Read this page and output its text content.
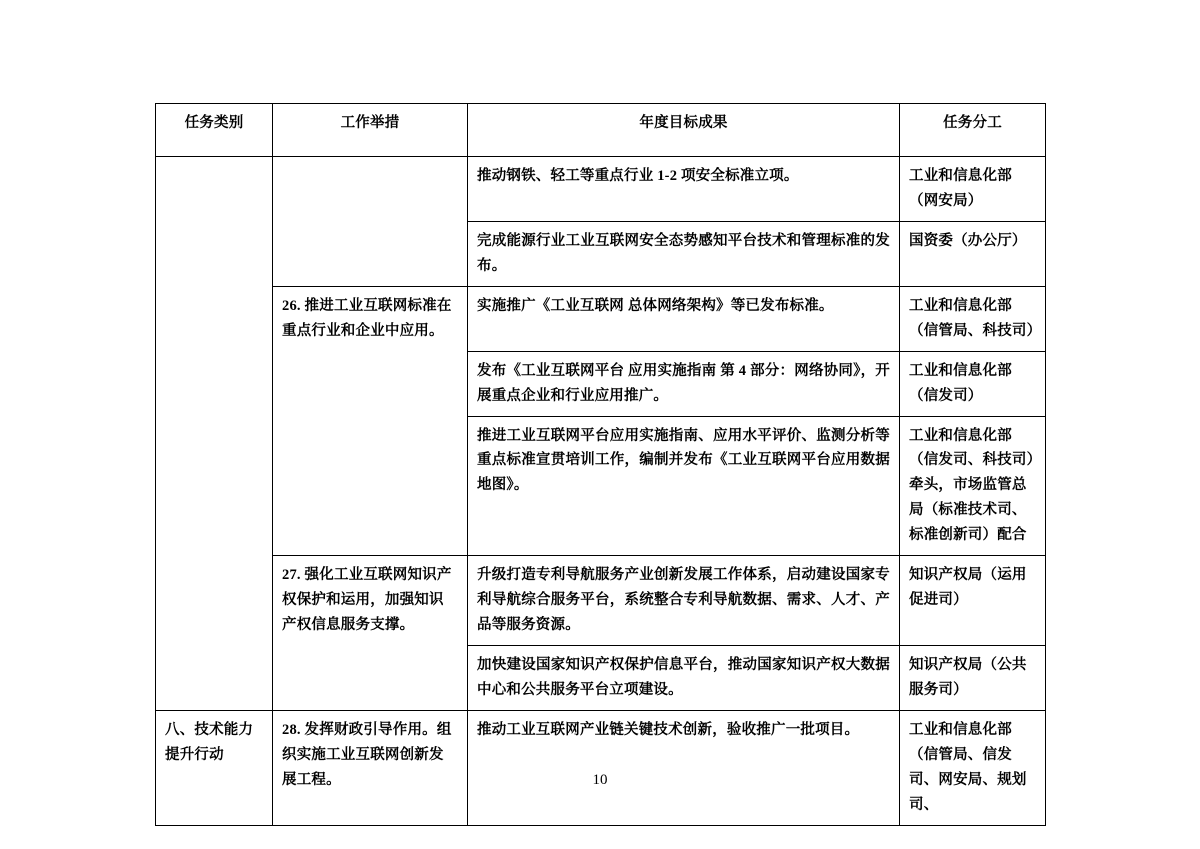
任务类别	工作举措	年度目标成果	任务分工
		推动钢铁、轻工等重点行业 1-2 项安全标准立项。	工业和信息化部（网安局）
		完成能源行业工业互联网安全态势感知平台技术和管理标准的发布。	国资委（办公厅）
	26. 推进工业互联网标准在重点行业和企业中应用。	实施推广《工业互联网 总体网络架构》等已发布标准。	工业和信息化部（信管局、科技司）
		发布《工业互联网平台 应用实施指南 第 4 部分：网络协同》，开展重点企业和行业应用推广。	工业和信息化部（信发司）
		推进工业互联网平台应用实施指南、应用水平评价、监测分析等重点标准宣贯培训工作，编制并发布《工业互联网平台应用数据地图》。	工业和信息化部（信发司、科技司）牵头，市场监管总局（标准技术司、标准创新司）配合
	27. 强化工业互联网知识产权保护和运用，加强知识产权信息服务支撑。	升级打造专利导航服务产业创新发展工作体系，启动建设国家专利导航综合服务平台，系统整合专利导航数据、需求、人才、产品等服务资源。	知识产权局（运用促进司）
		加快建设国家知识产权保护信息平台，推动国家知识产权大数据中心和公共服务平台立项建设。	知识产权局（公共服务司）
八、技术能力提升行动	28. 发挥财政引导作用。组织实施工业互联网创新发展工程。	推动工业互联网产业链关键技术创新，验收推广一批项目。	工业和信息化部（信管局、信发司、网安局、规划司、
10
